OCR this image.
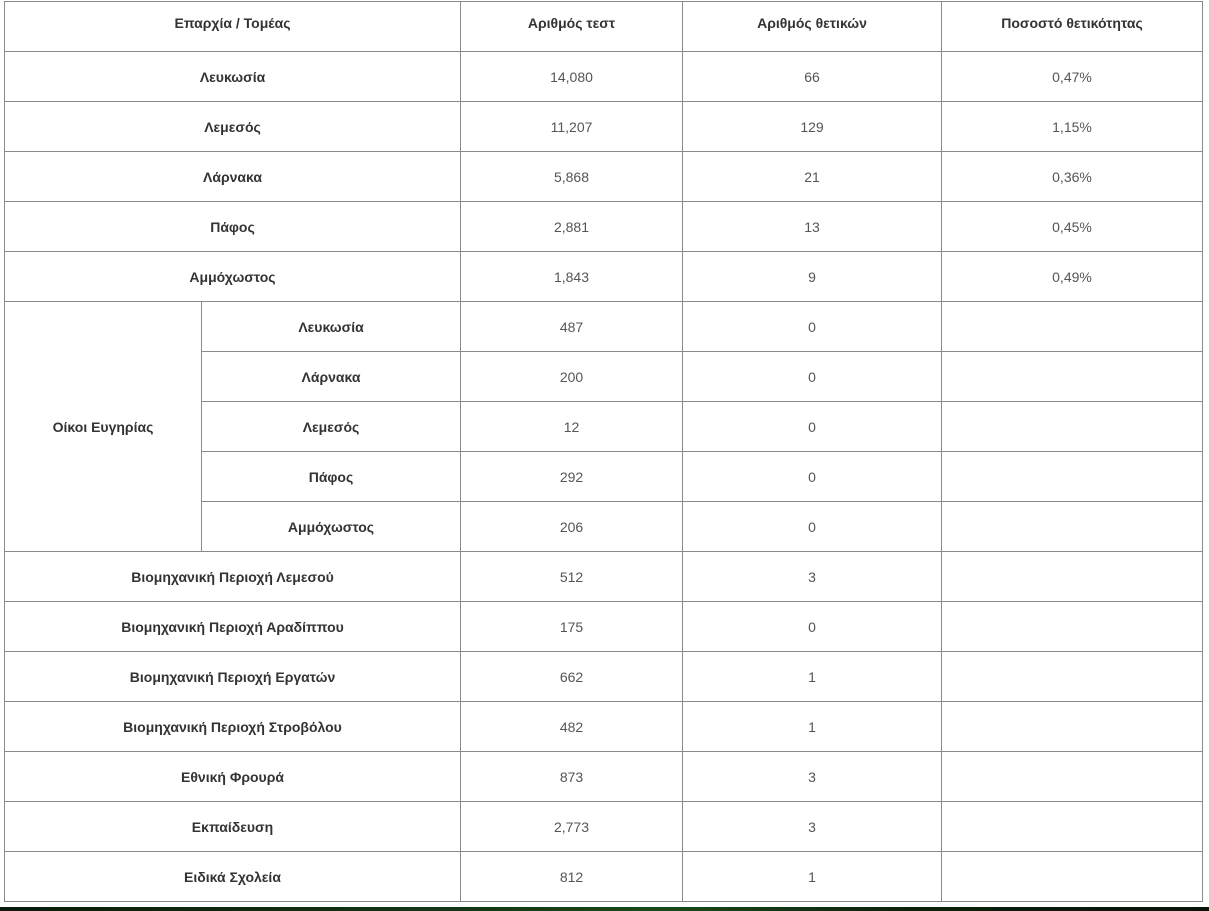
Επαρχία / Τομέας		Αριθμός τεστ	Αριθμός θετικών	Ποσοστό θετικότητας
Λευκωσία		14,080	66	0,47%
Λεμεσός		11,207	129	1,15%
Λάρνακα		5,868	21	0,36%
Πάφος		2,881	13	0,45%
Αμμόχωστος		1,843	9	0,49%
Οίκοι Ευγηρίας	Λευκωσία	487	0	
	Λάρνακα	200	0	
	Λεμεσός	12	0	
	Πάφος	292	0	
	Αμμόχωστος	206	0	
Βιομηχανική Περιοχή Λεμεσού		512	3	
Βιομηχανική Περιοχή Αραδίππου		175	0	
Βιομηχανική Περιοχή Εργατών		662	1	
Βιομηχανική Περιοχή Στροβόλου		482	1	
Εθνική Φρουρά		873	3	
Εκπαίδευση		2,773	3	
Ειδικά Σχολεία		812	1	
